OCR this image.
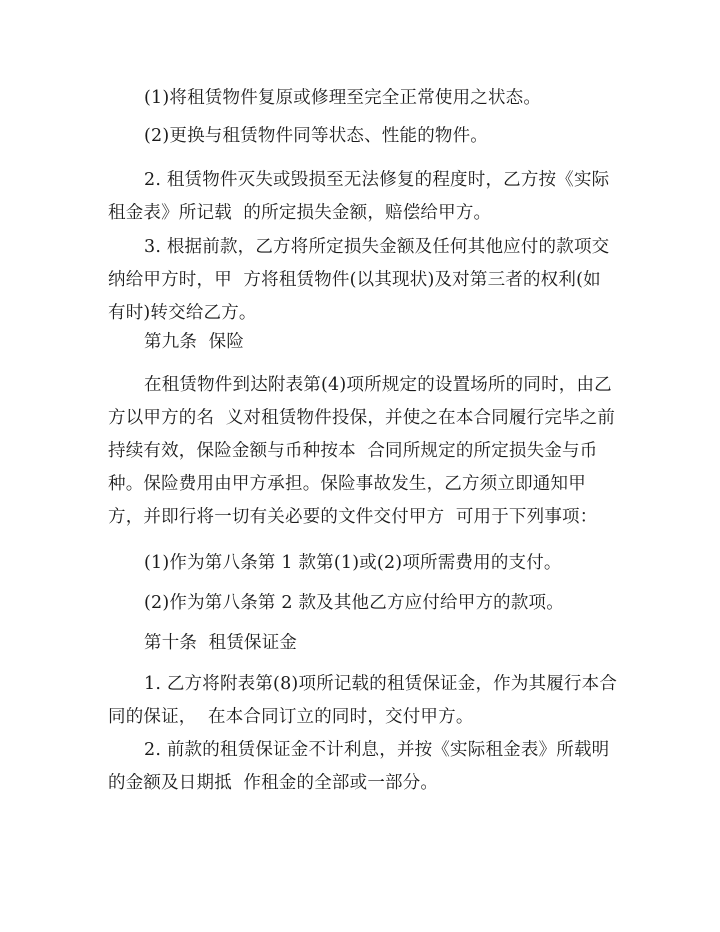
(1)将租赁物件复原或修理至完全正常使用之状态。

(2)更换与租赁物件同等状态、性能的物件。

2. 租赁物件灭失或毁损至无法修复的程度时，乙方按《实际租金表》所记载  的所定损失金额，赔偿给甲方。

3. 根据前款，乙方将所定损失金额及任何其他应付的款项交纳给甲方时，甲  方将租赁物件(以其现状)及对第三者的权利(如有时)转交给乙方。

第九条  保险

在租赁物件到达附表第(4)项所规定的设置场所的同时，由乙方以甲方的名  义对租赁物件投保，并使之在本合同履行完毕之前持续有效，保险金额与币种按本  合同所规定的所定损失金与币种。保险费用由甲方承担。保险事故发生，乙方须立即通知甲方，并即行将一切有关必要的文件交付甲方  可用于下列事项：

(1)作为第八条第 1 款第(1)或(2)项所需费用的支付。

(2)作为第八条第 2 款及其他乙方应付给甲方的款项。

第十条  租赁保证金

1. 乙方将附表第(8)项所记载的租赁保证金，作为其履行本合同的保证，  在本合同订立的同时，交付甲方。

2. 前款的租赁保证金不计利息，并按《实际租金表》所载明的金额及日期抵  作租金的全部或一部分。
